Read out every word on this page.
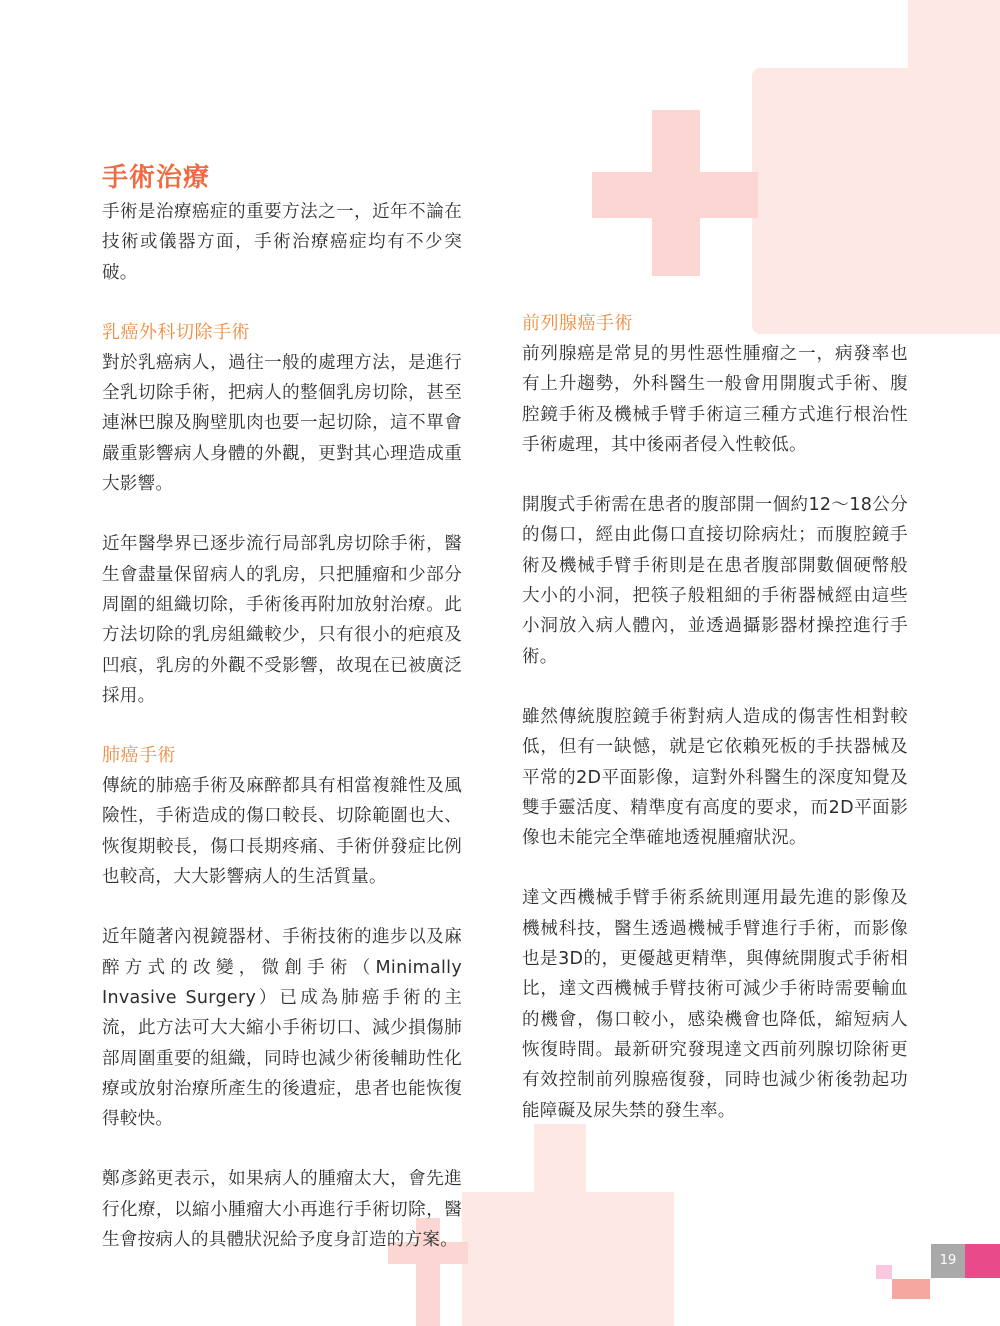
19
手術治療

手術是治療癌症的重要方法之一，近年不論在技術或儀器方面，手術治療癌症均有不少突破。

乳癌外科切除手術

對於乳癌病人，過往一般的處理方法，是進行全乳切除手術，把病人的整個乳房切除，甚至連淋巴腺及胸壁肌肉也要一起切除，這不單會嚴重影響病人身體的外觀，更對其心理造成重大影響。

近年醫學界已逐步流行局部乳房切除手術，醫生會盡量保留病人的乳房，只把腫瘤和少部分周圍的組織切除，手術後再附加放射治療。此方法切除的乳房組織較少，只有很小的疤痕及凹痕，乳房的外觀不受影響，故現在已被廣泛採用。

肺癌手術

傳統的肺癌手術及麻醉都具有相當複雜性及風險性，手術造成的傷口較長、切除範圍也大、恢復期較長，傷口長期疼痛、手術併發症比例也較高，大大影響病人的生活質量。

近年隨著內視鏡器材、手術技術的進步以及麻醉方式的改變，微創手術（Minimally Invasive Surgery）已成為肺癌手術的主流，此方法可大大縮小手術切口、減少損傷肺部周圍重要的組織，同時也減少術後輔助性化療或放射治療所產生的後遺症，患者也能恢復得較快。

鄭彥銘更表示，如果病人的腫瘤太大，會先進行化療，以縮小腫瘤大小再進行手術切除，醫生會按病人的具體狀況給予度身訂造的方案。

前列腺癌手術

前列腺癌是常見的男性惡性腫瘤之一，病發率也有上升趨勢，外科醫生一般會用開腹式手術、腹腔鏡手術及機械手臂手術這三種方式進行根治性手術處理，其中後兩者侵入性較低。

開腹式手術需在患者的腹部開一個約12～18公分的傷口，經由此傷口直接切除病灶；而腹腔鏡手術及機械手臂手術則是在患者腹部開數個硬幣般大小的小洞，把筷子般粗細的手術器械經由這些小洞放入病人體內，並透過攝影器材操控進行手術。

雖然傳統腹腔鏡手術對病人造成的傷害性相對較低，但有一缺憾，就是它依賴死板的手扶器械及平常的2D平面影像，這對外科醫生的深度知覺及雙手靈活度、精準度有高度的要求，而2D平面影像也未能完全準確地透視腫瘤狀況。

達文西機械手臂手術系統則運用最先進的影像及機械科技，醫生透過機械手臂進行手術，而影像也是3D的，更優越更精準，與傳統開腹式手術相比，達文西機械手臂技術可減少手術時需要輸血的機會，傷口較小，感染機會也降低，縮短病人恢復時間。最新研究發現達文西前列腺切除術更有效控制前列腺癌復發，同時也減少術後勃起功能障礙及尿失禁的發生率。
